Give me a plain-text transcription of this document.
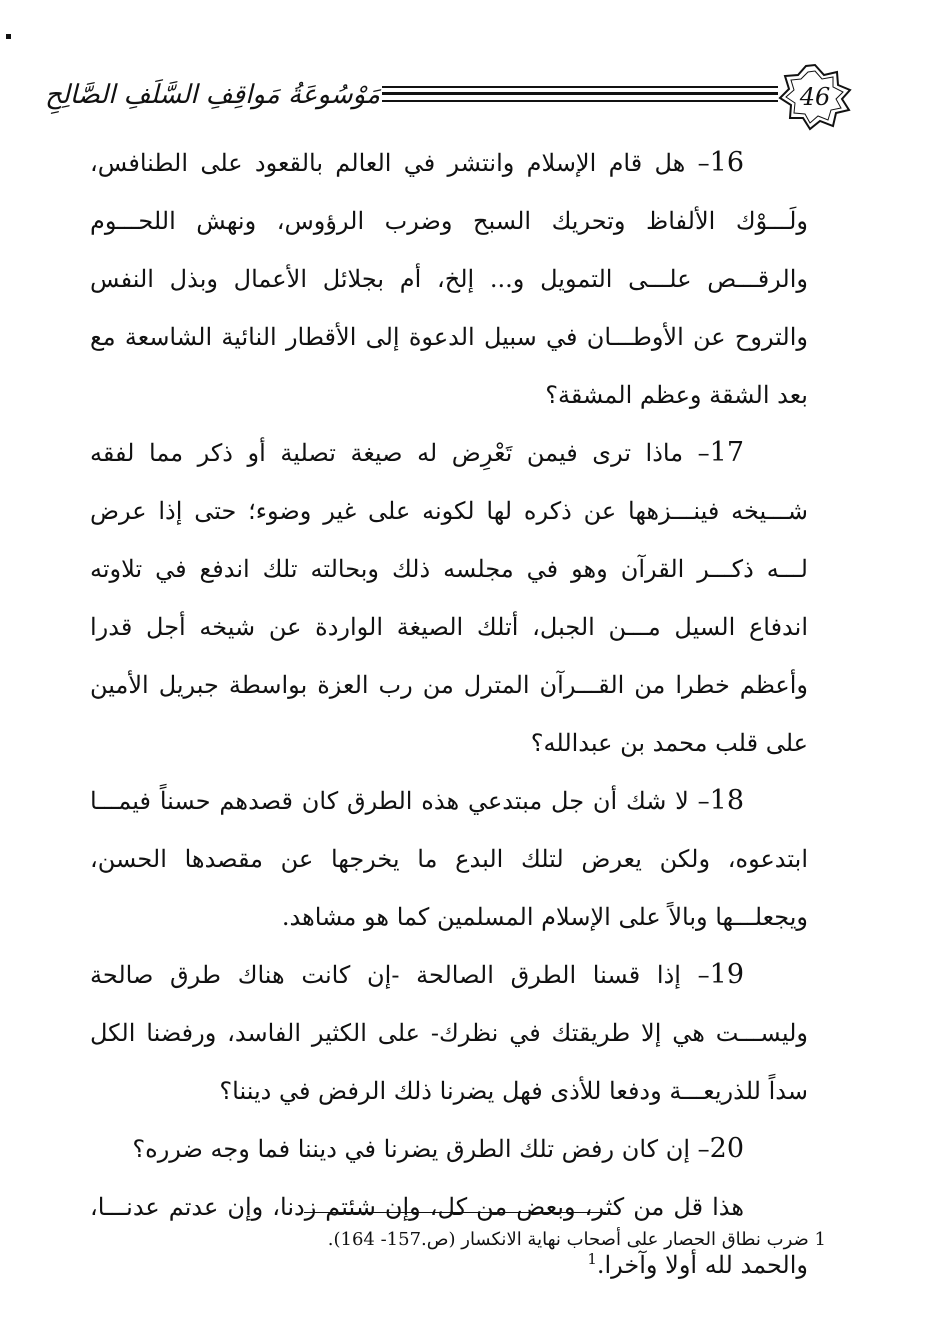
مَوْسُوعَةُ مَواقِفِ السَّلَفِ الصَّالِحِ	46

16– هل قام الإسلام وانتشر في العالم بالقعود على الطنافس، ولَـــوْك الألفاظ وتحريك السبح وضرب الرؤوس، ونهش اللحـــوم والرقـــص علـــى التمويل و... إلخ، أم بجلائل الأعمال وبذل النفس والتروح عن الأوطـــان في سبيل الدعوة إلى الأقطار النائية الشاسعة مع بعد الشقة وعظم المشقة؟

17– ماذا ترى فيمن تَعْرِض له صيغة تصلية أو ذكر مما لفقه شـــيخه فينـــزهها عن ذكره لها لكونه على غير وضوء؛ حتى إذا عرض لـــه ذكـــر القرآن وهو في مجلسه ذلك وبحالته تلك اندفع في تلاوته اندفاع السيل مـــن الجبل، أتلك الصيغة الواردة عن شيخه أجل قدرا وأعظم خطرا من القـــرآن المترل من رب العزة بواسطة جبريل الأمين على قلب محمد بن عبدالله؟

18– لا شك أن جل مبتدعي هذه الطرق كان قصدهم حسناً فيمـــا ابتدعوه، ولكن يعرض لتلك البدع ما يخرجها عن مقصدها الحسن، ويجعلـــها وبالاً على الإسلام المسلمين كما هو مشاهد.

19– إذا قسنا الطرق الصالحة -إن كانت هناك طرق صالحة وليســـت هي إلا طريقتك في نظرك- على الكثير الفاسد، ورفضنا الكل سداً للذريعـــة ودفعا للأذى فهل يضرنا ذلك الرفض في ديننا؟

20– إن كان رفض تلك الطرق يضرنا في ديننا فما وجه ضرره؟

هذا قل من كثر، وبعض من كل، وإن شئتم زدنا، وإن عدتم عدنـــا، والحمد لله أولا وآخرا.$^1$

1 ضرب نطاق الحصار على أصحاب نهاية الانكسار (ص.157- 164).
